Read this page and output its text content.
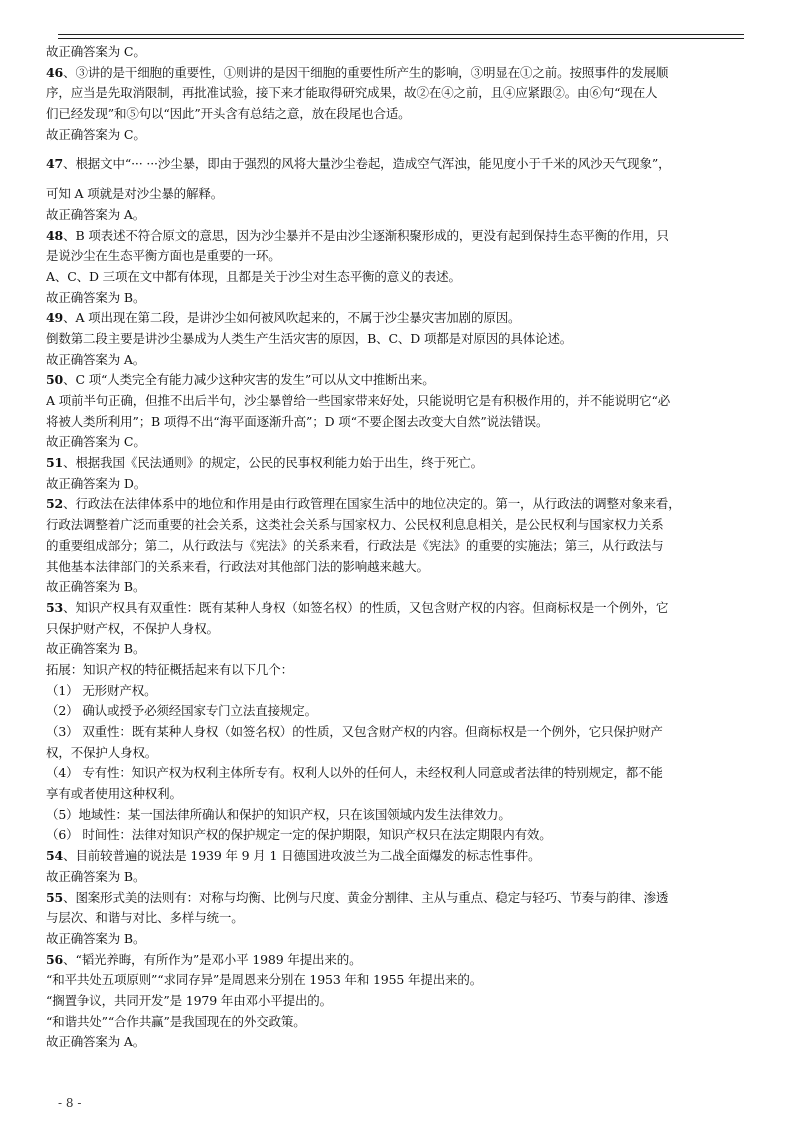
故正确答案为 C。
46、③讲的是干细胞的重要性，①则讲的是因干细胞的重要性所产生的影响，③明显在①之前。按照事件的发展顺
序，应当是先取消限制，再批准试验，接下来才能取得研究成果，故②在④之前，且④应紧跟②。由⑥句“现在人
们已经发现”和⑤句以“因此”开头含有总结之意，放在段尾也合适。
故正确答案为 C。
47、根据文中“··· ···沙尘暴，即由于强烈的风将大量沙尘卷起，造成空气浑浊，能见度小于千米的风沙天气现象”，
可知 A 项就是对沙尘暴的解释。
故正确答案为 A。
48、B 项表述不符合原文的意思，因为沙尘暴并不是由沙尘逐渐积聚形成的，更没有起到保持生态平衡的作用，只
是说沙尘在生态平衡方面也是重要的一环。
A、C、D 三项在文中都有体现，且都是关于沙尘对生态平衡的意义的表述。
故正确答案为 B。
49、A 项出现在第二段，是讲沙尘如何被风吹起来的，不属于沙尘暴灾害加剧的原因。
倒数第二段主要是讲沙尘暴成为人类生产生活灾害的原因，B、C、D 项都是对原因的具体论述。
故正确答案为 A。
50、C 项“人类完全有能力减少这种灾害的发生”可以从文中推断出来。
A 项前半句正确，但推不出后半句，沙尘暴曾给一些国家带来好处，只能说明它是有积极作用的，并不能说明它“必
将被人类所利用”；B 项得不出“海平面逐渐升高”；D 项“不要企图去改变大自然”说法错误。
故正确答案为 C。
51、根据我国《民法通则》的规定，公民的民事权利能力始于出生，终于死亡。
故正确答案为 D。
52、行政法在法律体系中的地位和作用是由行政管理在国家生活中的地位决定的。第一，从行政法的调整对象来看，
行政法调整着广泛而重要的社会关系，这类社会关系与国家权力、公民权利息息相关，是公民权利与国家权力关系
的重要组成部分；第二，从行政法与《宪法》的关系来看，行政法是《宪法》的重要的实施法；第三，从行政法与
其他基本法律部门的关系来看，行政法对其他部门法的影响越来越大。
故正确答案为 B。
53、知识产权具有双重性：既有某种人身权（如签名权）的性质，又包含财产权的内容。但商标权是一个例外，它
只保护财产权，不保护人身权。
故正确答案为 B。
拓展：知识产权的特征概括起来有以下几个：
（1） 无形财产权。
（2） 确认或授予必须经国家专门立法直接规定。
（3） 双重性：既有某种人身权（如签名权）的性质，又包含财产权的内容。但商标权是一个例外，它只保护财产
权，不保护人身权。
（4） 专有性：知识产权为权利主体所专有。权利人以外的任何人，未经权利人同意或者法律的特别规定，都不能
享有或者使用这种权利。
（5）地域性：某一国法律所确认和保护的知识产权，只在该国领域内发生法律效力。
（6） 时间性：法律对知识产权的保护规定一定的保护期限，知识产权只在法定期限内有效。
54、目前较普遍的说法是 1939 年 9 月 1 日德国进攻波兰为二战全面爆发的标志性事件。
故正确答案为 B。
55、图案形式美的法则有：对称与均衡、比例与尺度、黄金分割律、主从与重点、稳定与轻巧、节奏与韵律、渗透
与层次、和谐与对比、多样与统一。
故正确答案为 B。
56、“韬光养晦，有所作为”是邓小平 1989 年提出来的。
“和平共处五项原则”“求同存异”是周恩来分别在 1953 年和 1955 年提出来的。
“搁置争议，共同开发”是 1979 年由邓小平提出的。
“和谐共处”“合作共赢”是我国现在的外交政策。
故正确答案为 A。
- 8 -
